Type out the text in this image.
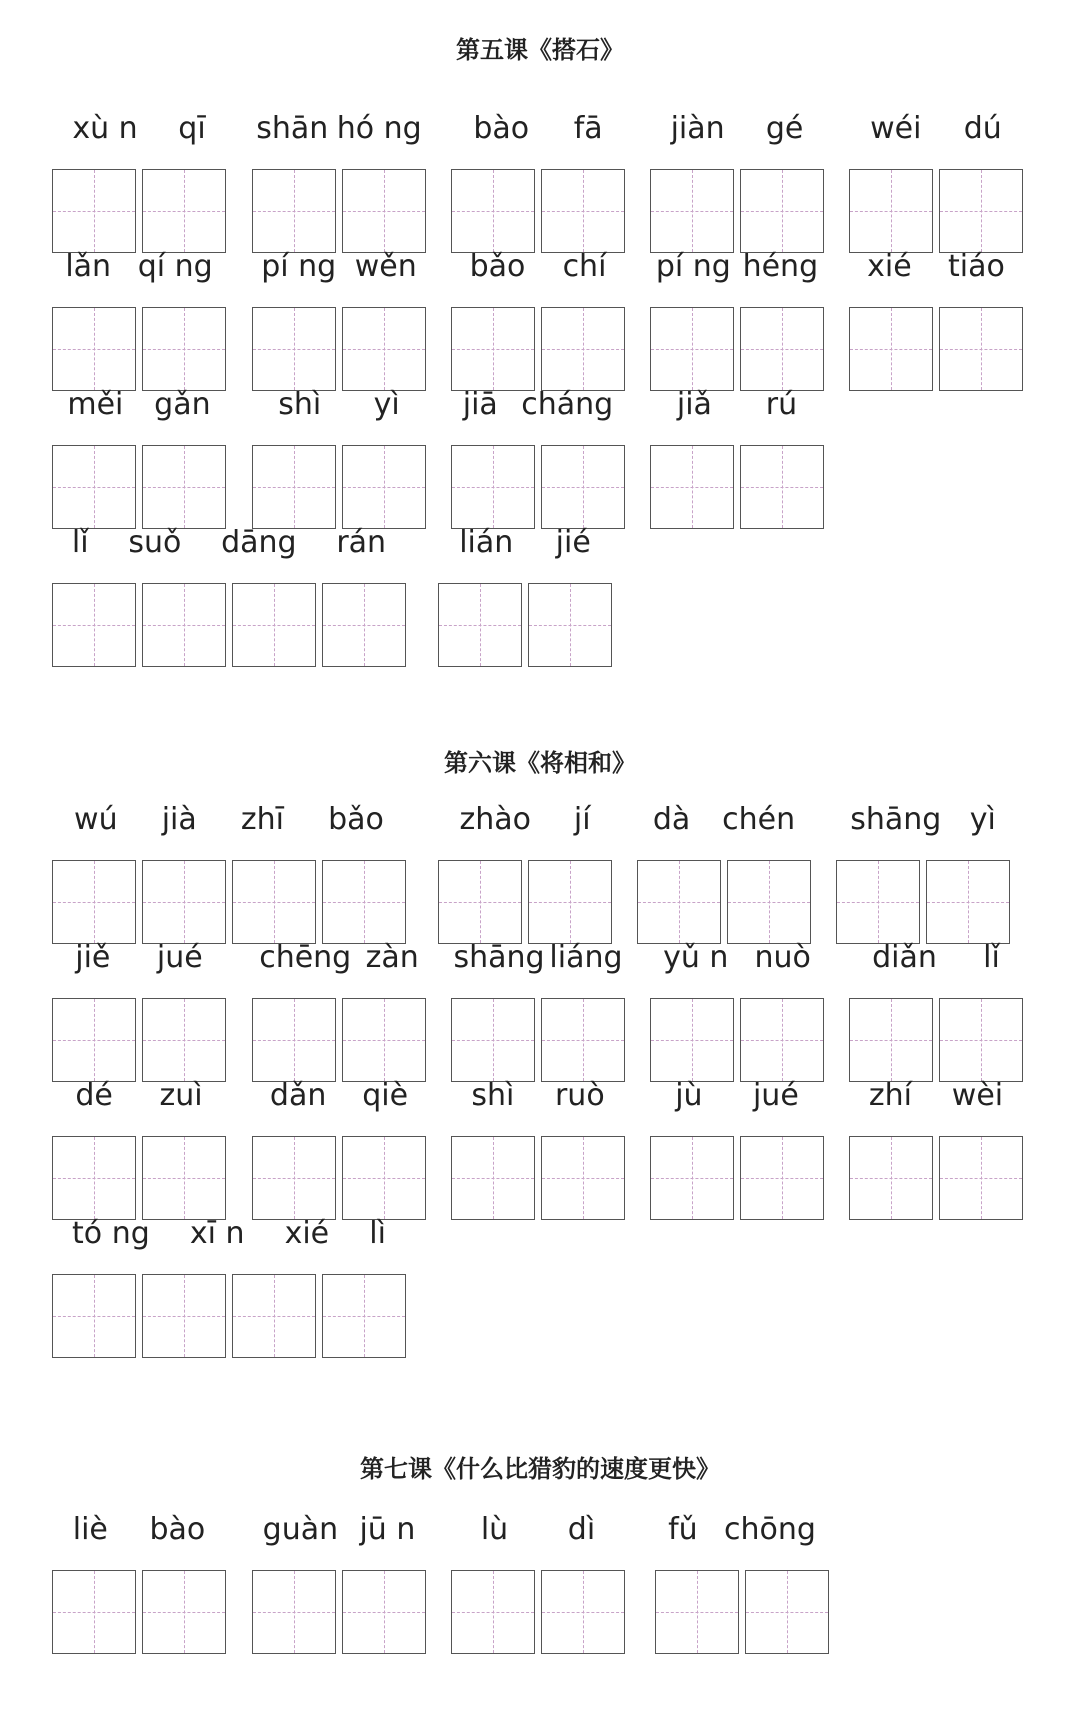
第五课《搭石》
第六课《将相和》
第七课《什么比猎豹的速度更快》
xù n qī shān hó ng bào fā jiàn gé wéi dú
lǎn qí ng pí ng wěn bǎo chí pí ng héng xié tiáo
měi gǎn shì yì jiā cháng jiǎ rú
lǐ suǒ dāng rán lián jié
wú jià zhī bǎo	zhào jí dà chén shāng yì
jiě jué chēng zàn shāng liáng yǔ n nuò diǎn lǐ
dé zuì dǎn qiè shì ruò jù jué zhí wèi
tó ng xī n xié lì
liè bào guàn jū n lù dì fǔ chōng
